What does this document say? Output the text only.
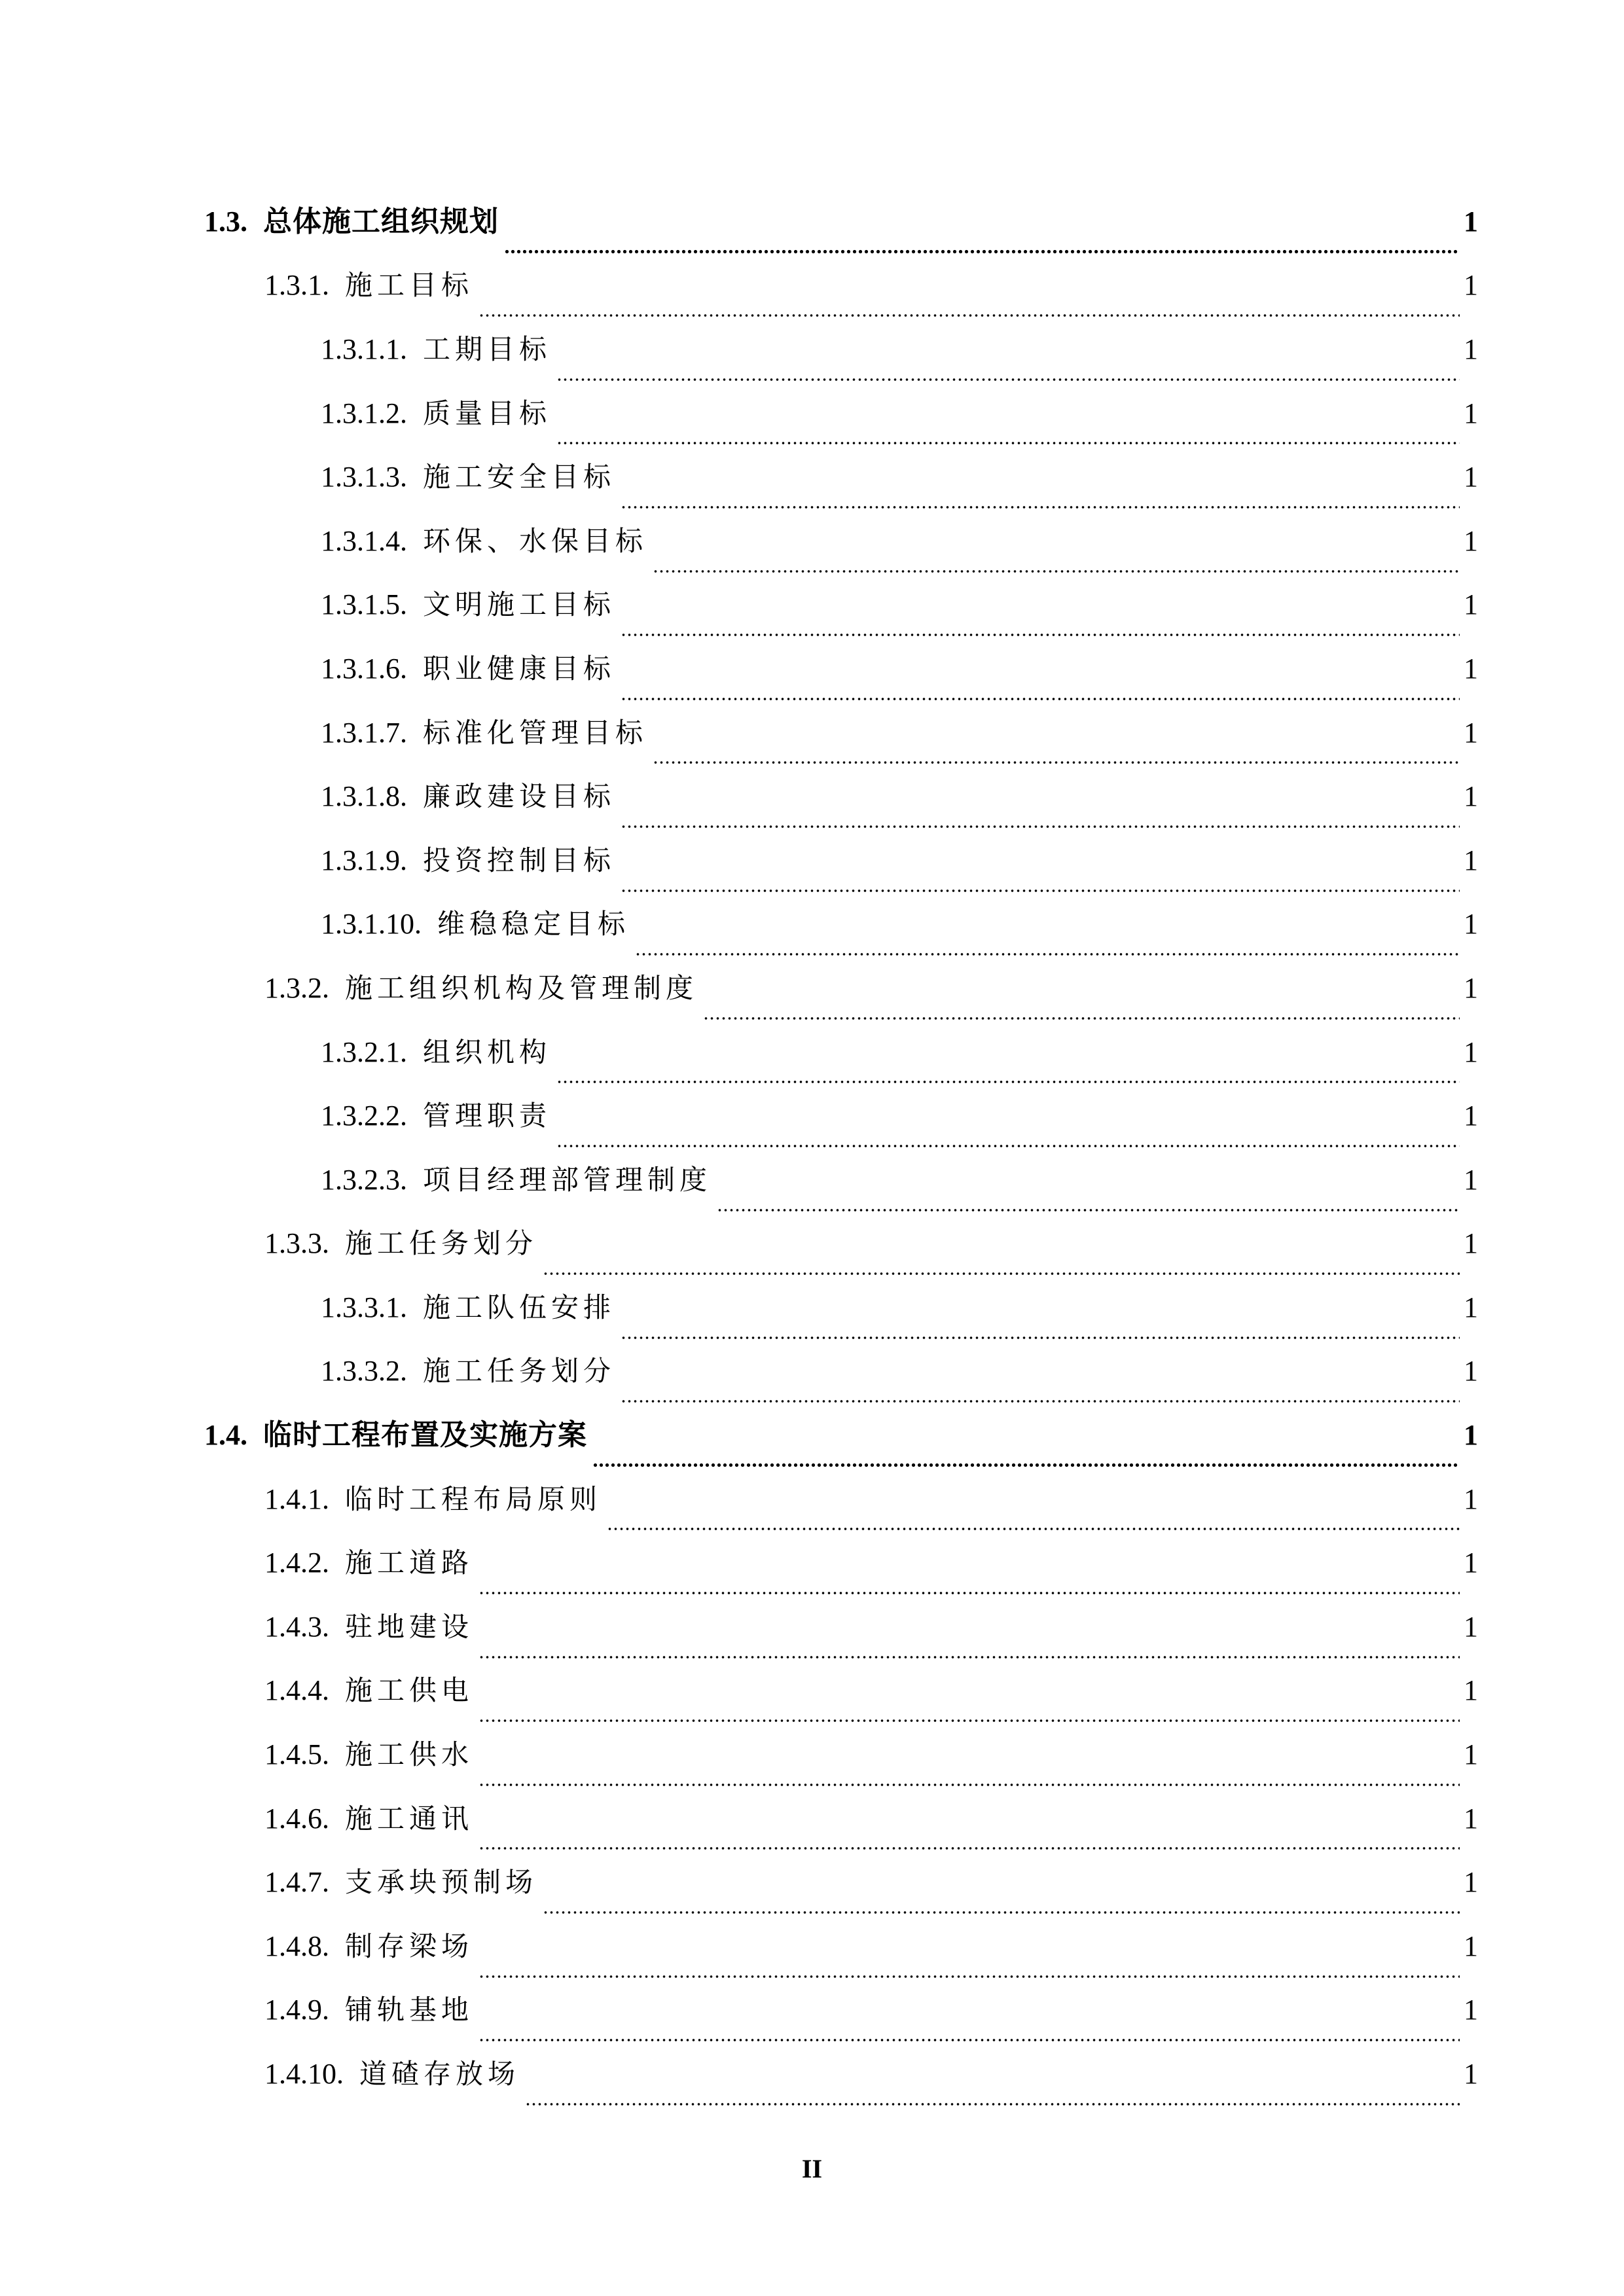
1.3. 总体施工组织规划	1
1.3.1. 施工目标	1
1.3.1.1. 工期目标	1
1.3.1.2. 质量目标	1
1.3.1.3. 施工安全目标	1
1.3.1.4. 环保、水保目标	1
1.3.1.5. 文明施工目标	1
1.3.1.6. 职业健康目标	1
1.3.1.7. 标准化管理目标	1
1.3.1.8. 廉政建设目标	1
1.3.1.9. 投资控制目标	1
1.3.1.10. 维稳稳定目标	1
1.3.2. 施工组织机构及管理制度	1
1.3.2.1. 组织机构	1
1.3.2.2. 管理职责	1
1.3.2.3. 项目经理部管理制度	1
1.3.3. 施工任务划分	1
1.3.3.1. 施工队伍安排	1
1.3.3.2. 施工任务划分	1
1.4. 临时工程布置及实施方案	1
1.4.1. 临时工程布局原则	1
1.4.2. 施工道路	1
1.4.3. 驻地建设	1
1.4.4. 施工供电	1
1.4.5. 施工供水	1
1.4.6. 施工通讯	1
1.4.7. 支承块预制场	1
1.4.8. 制存梁场	1
1.4.9. 铺轨基地	1
1.4.10. 道碴存放场	1
II
